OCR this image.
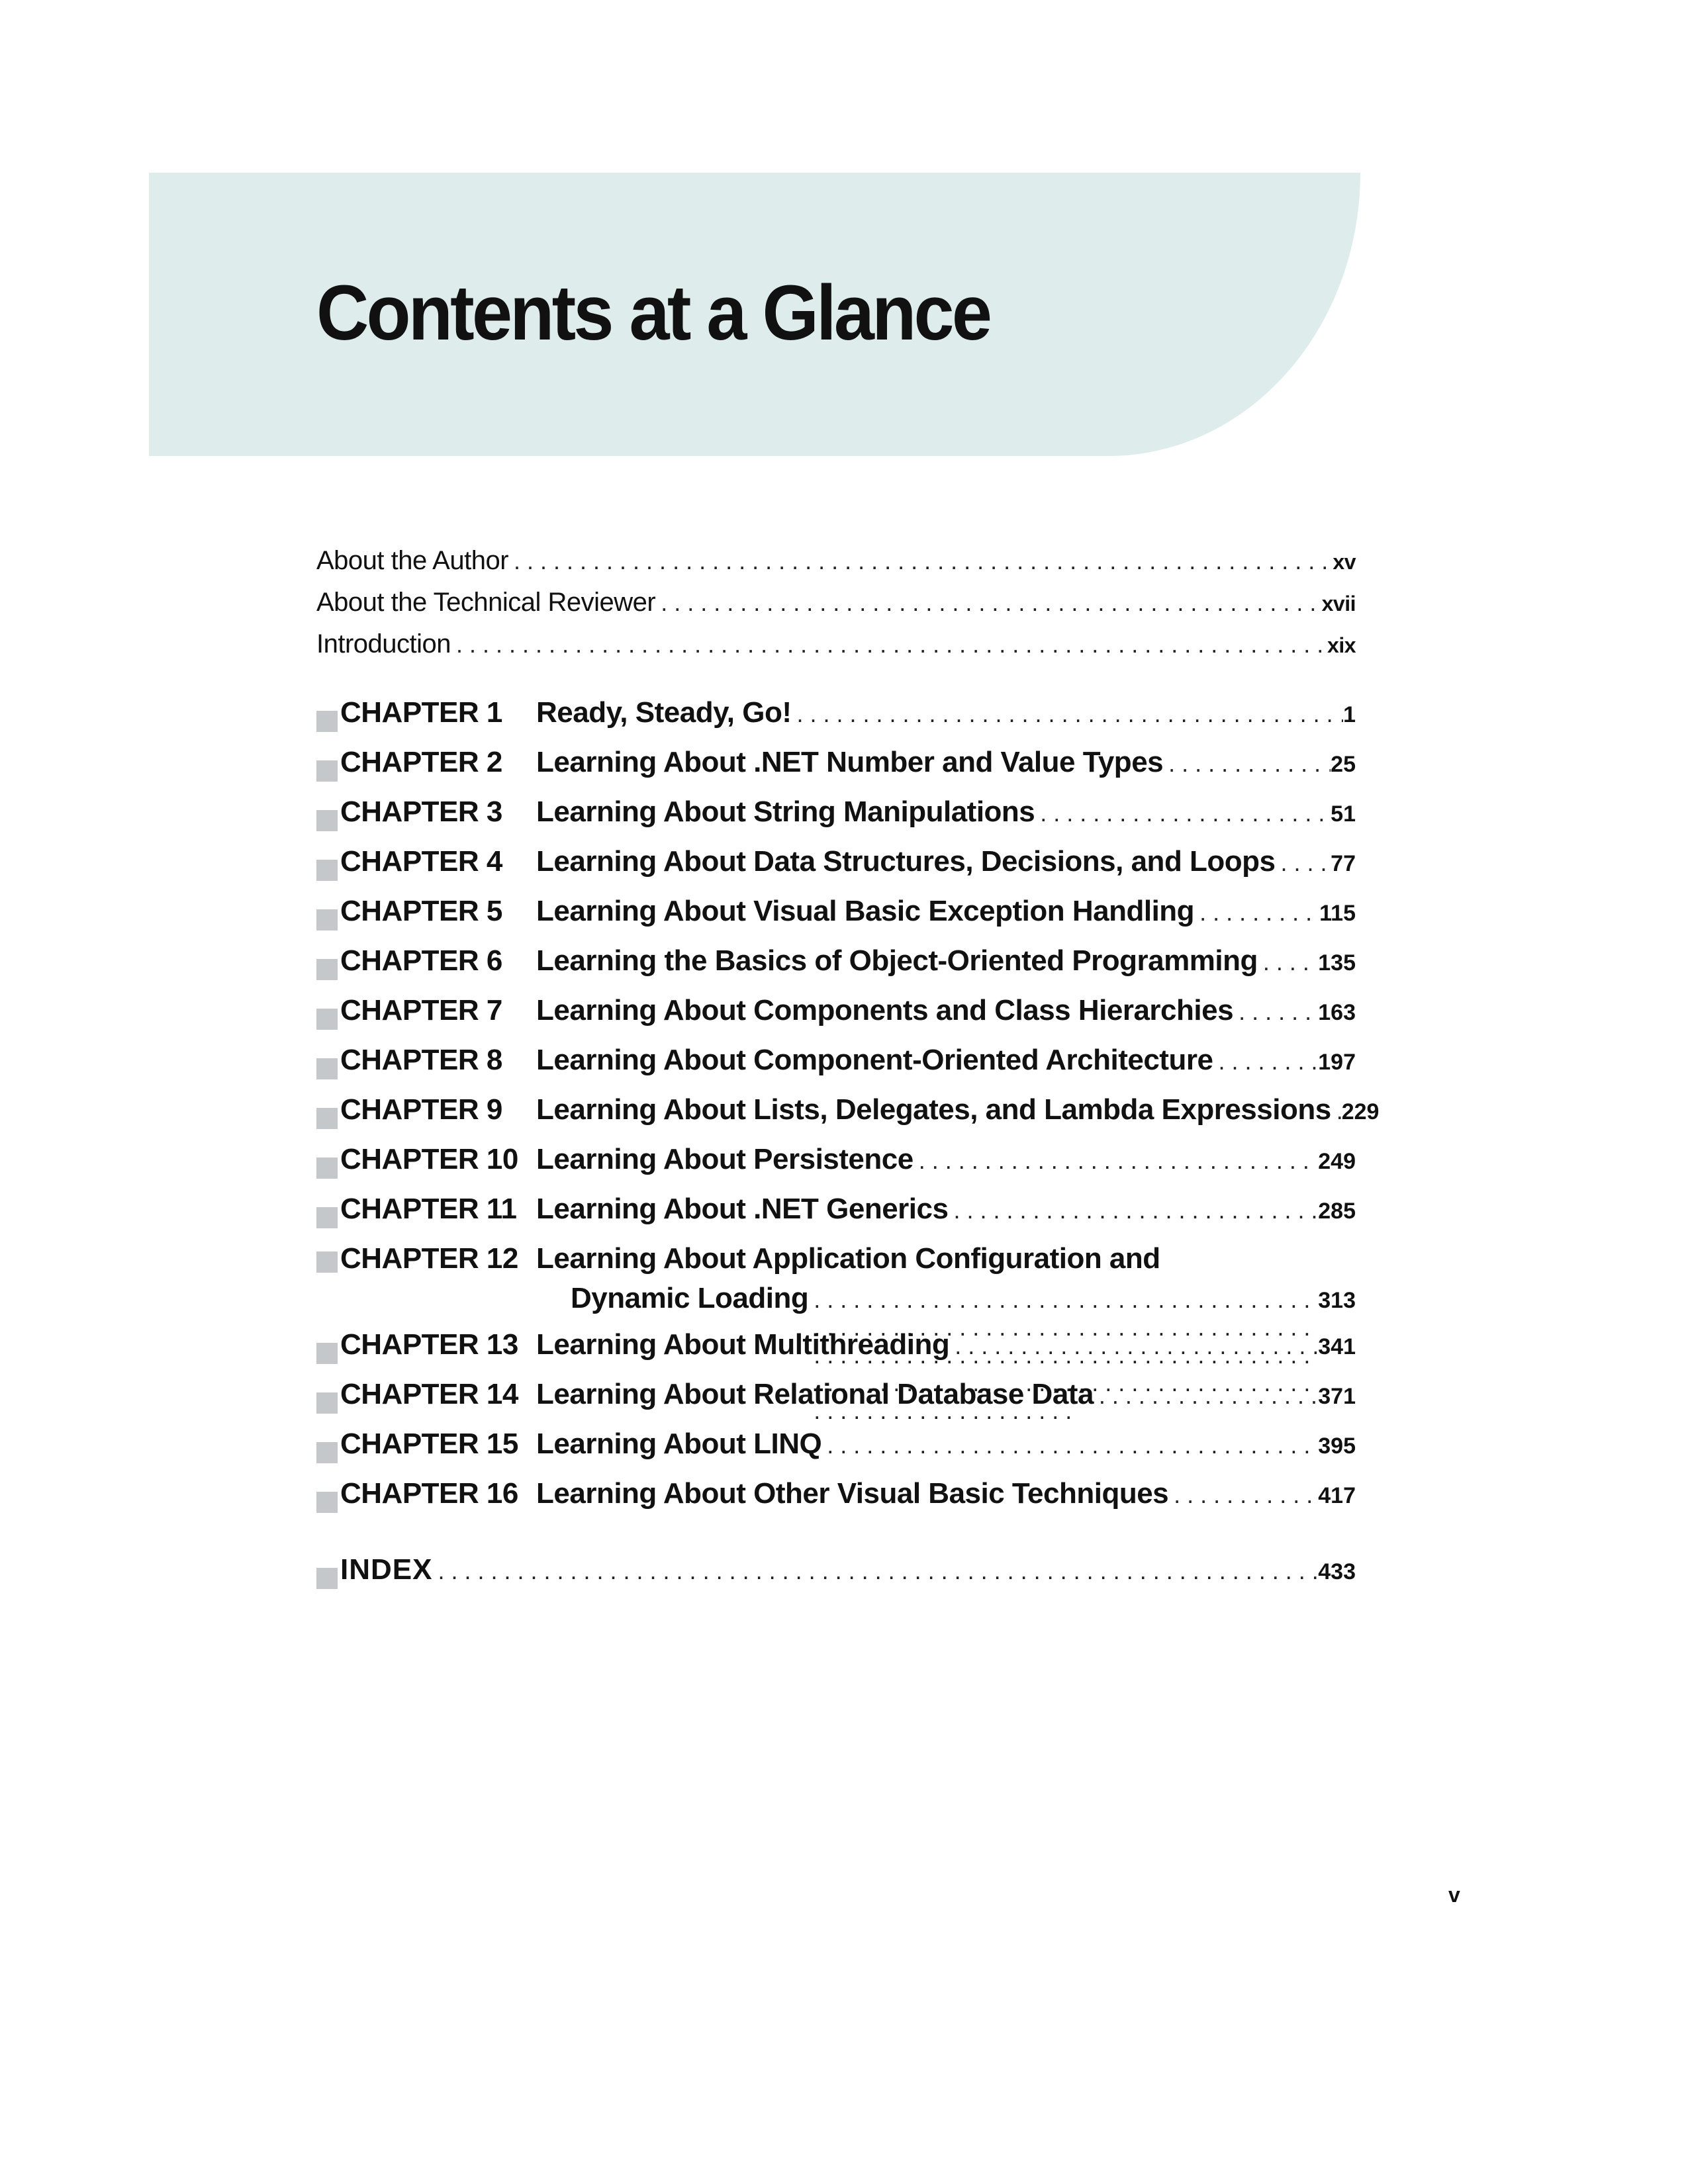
Contents at a Glance
About the Author . . .	xv
About the Technical Reviewer . . .	xvii
Introduction . . .	xix
CHAPTER 1	Ready, Steady, Go! . . .	1
CHAPTER 2	Learning About .NET Number and Value Types . . .	25
CHAPTER 3	Learning About String Manipulations . . .	51
CHAPTER 4	Learning About Data Structures, Decisions, and Loops . . . 77
CHAPTER 5	Learning About Visual Basic Exception Handling . . .	115
CHAPTER 6	Learning the Basics of Object-Oriented Programming . . .	135
CHAPTER 7	Learning About Components and Class Hierarchies . . .	163
CHAPTER 8	Learning About Component-Oriented Architecture . . .	197
CHAPTER 9	Learning About Lists, Delegates, and Lambda Expressions . . . 229
CHAPTER 10 Learning About Persistence . . .	249
CHAPTER 11 Learning About .NET Generics . . .	285
CHAPTER 12 Learning About Application Configuration and
Dynamic Loading . . .	313
CHAPTER 13 Learning About Multithreading . . .	341
CHAPTER 14 Learning About Relational Database Data . . .	371
CHAPTER 15 Learning About LINQ . . .	395
CHAPTER 16 Learning About Other Visual Basic Techniques . . .	417
INDEX . . .	433
v
